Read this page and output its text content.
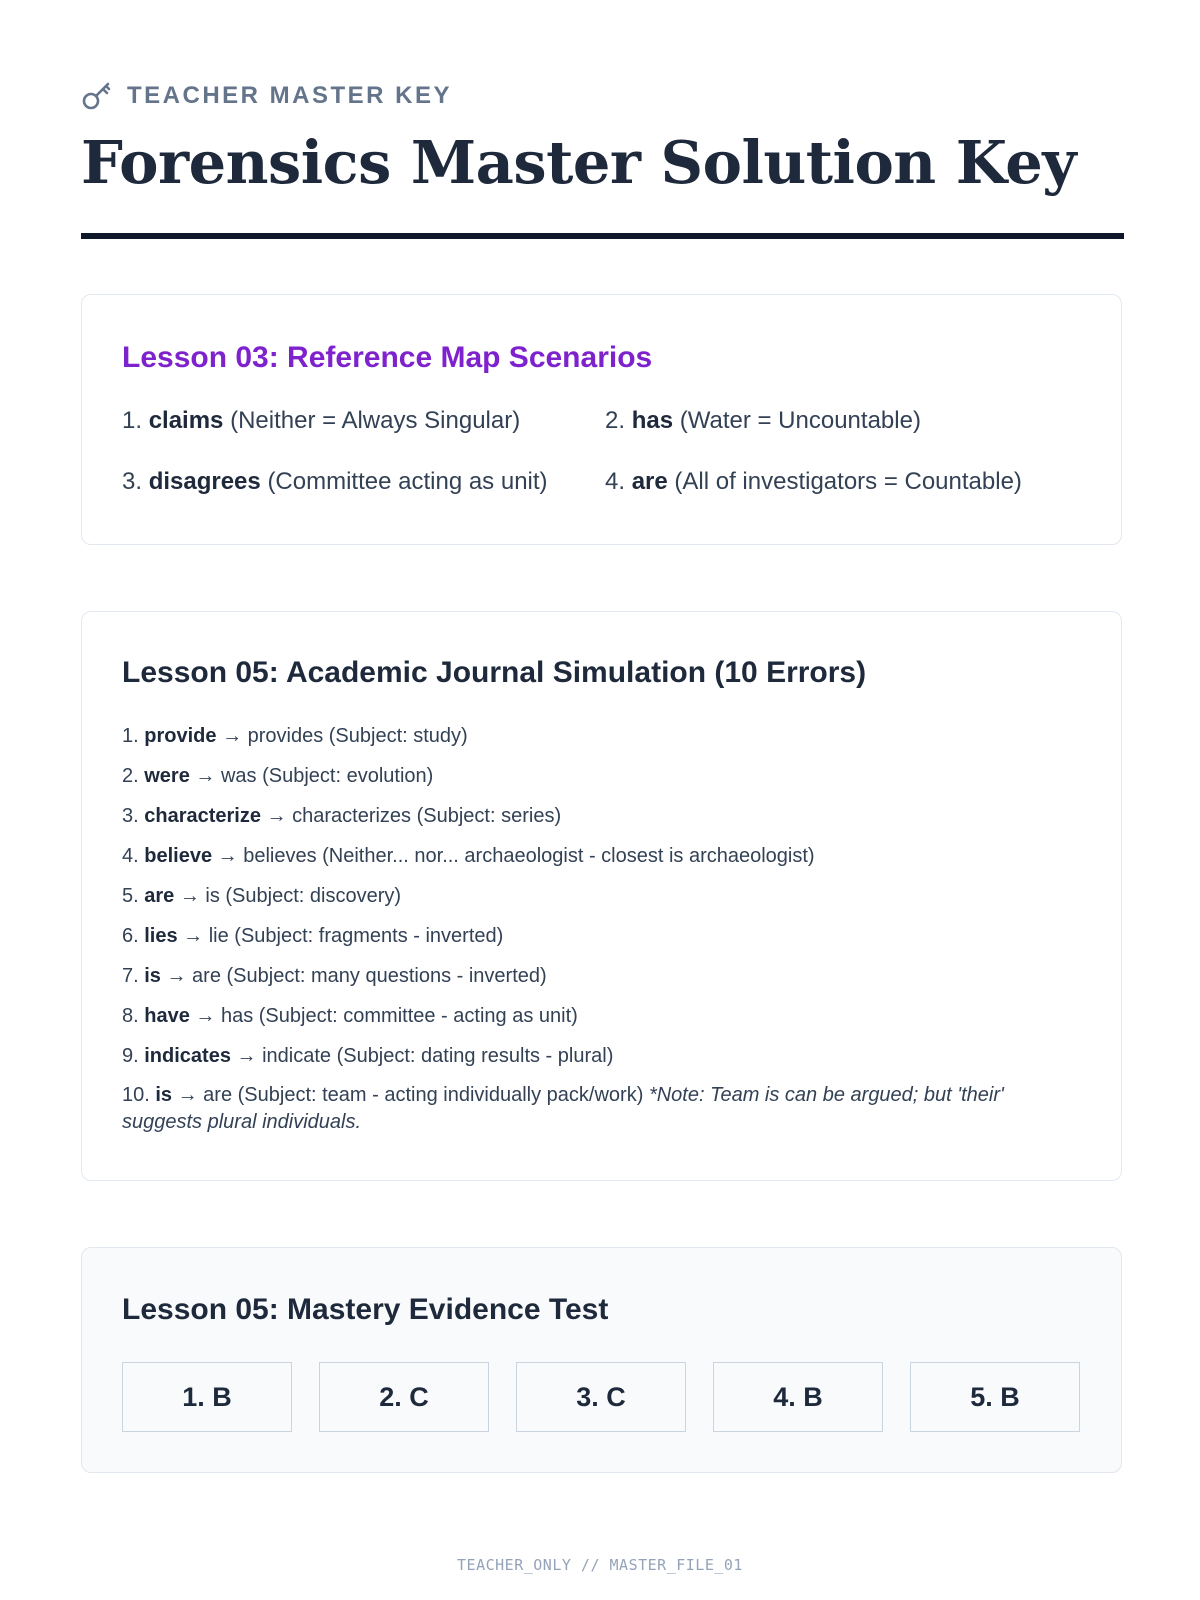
TEACHER MASTER KEY
Forensics Master Solution Key
Lesson 03: Reference Map Scenarios
1. claims (Neither = Always Singular)	2. has (Water = Uncountable)
3. disagrees (Committee acting as unit) 4. are (All of investigators = Countable)
Lesson 05: Academic Journal Simulation (10 Errors)
1. provide → provides (Subject: study)
2. were → was (Subject: evolution)
3. characterize → characterizes (Subject: series)
4. believe → believes (Neither... nor... archaeologist - closest is archaeologist)
5. are → is (Subject: discovery)
6. lies → lie (Subject: fragments - inverted)
7. is → are (Subject: many questions - inverted)
8. have → has (Subject: committee - acting as unit)
9. indicates → indicate (Subject: dating results - plural)
10. is → are (Subject: team - acting individually pack/work) *Note: Team is can be argued; but 'their' suggests plural individuals.
Lesson 05: Mastery Evidence Test
1. B	2. C	3. C	4. B	5. B
TEACHER_ONLY // MASTER_FILE_01
